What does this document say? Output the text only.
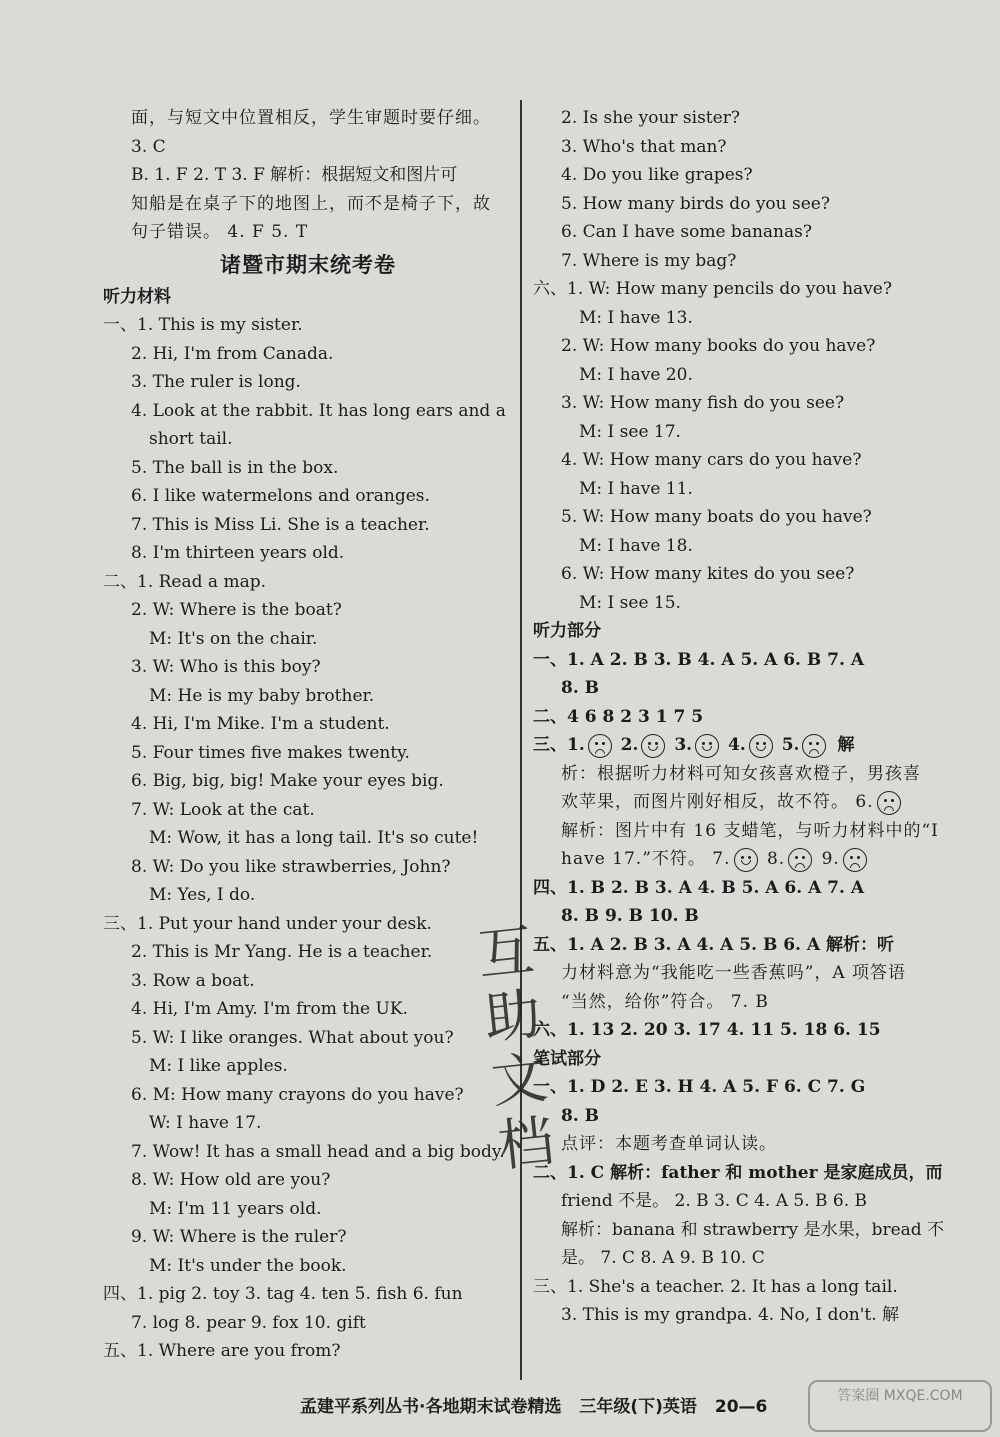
面，与短文中位置相反，学生审题时要仔细。
3. C
B. 1. F 2. T 3. F 解析：根据短文和图片可
知船是在桌子下的地图上，而不是椅子下，故
句子错误。 4. F 5. T
诸暨市期末统考卷
听力材料
一、1. This is my sister.
2. Hi, I'm from Canada.
3. The ruler is long.
4. Look at the rabbit. It has long ears and a
short tail.
5. The ball is in the box.
6. I like watermelons and oranges.
7. This is Miss Li. She is a teacher.
8. I'm thirteen years old.
二、1. Read a map.
2. W: Where is the boat?
M: It's on the chair.
3. W: Who is this boy?
M: He is my baby brother.
4. Hi, I'm Mike. I'm a student.
5. Four times five makes twenty.
6. Big, big, big! Make your eyes big.
7. W: Look at the cat.
M: Wow, it has a long tail. It's so cute!
8. W: Do you like strawberries, John?
M: Yes, I do.
三、1. Put your hand under your desk.
2. This is Mr Yang. He is a teacher.
3. Row a boat.
4. Hi, I'm Amy. I'm from the UK.
5. W: I like oranges. What about you?
M: I like apples.
6. M: How many crayons do you have?
W: I have 17.
7. Wow! It has a small head and a big body.
8. W: How old are you?
M: I'm 11 years old.
9. W: Where is the ruler?
M: It's under the book.
四、1. pig 2. toy 3. tag 4. ten 5. fish 6. fun
7. log 8. pear 9. fox 10. gift
五、1. Where are you from?
2. Is she your sister?
3. Who's that man?
4. Do you like grapes?
5. How many birds do you see?
6. Can I have some bananas?
7. Where is my bag?
六、1. W: How many pencils do you have?
M: I have 13.
2. W: How many books do you have?
M: I have 20.
3. W: How many fish do you see?
M: I see 17.
4. W: How many cars do you have?
M: I have 11.
5. W: How many boats do you have?
M: I have 18.
6. W: How many kites do you see?
M: I see 15.
听力部分
一、1. A 2. B 3. B 4. A 5. A 6. B 7. A
8. B
二、4 6 8 2 3 1 7 5
三、1. 2. 3. 4. 5. 解
析：根据听力材料可知女孩喜欢橙子，男孩喜
欢苹果，而图片刚好相反，故不符。 6.
解析：图片中有 16 支蜡笔，与听力材料中的“I
have 17.”不符。 7. 8. 9.
四、1. B 2. B 3. A 4. B 5. A 6. A 7. A
8. B 9. B 10. B
五、1. A 2. B 3. A 4. A 5. B 6. A 解析：听
力材料意为“我能吃一些香蕉吗”，A 项答语
“当然，给你”符合。 7. B
六、1. 13 2. 20 3. 17 4. 11 5. 18 6. 15
笔试部分
一、1. D 2. E 3. H 4. A 5. F 6. C 7. G
8. B
点评：本题考查单词认读。
二、1. C 解析：father 和 mother 是家庭成员，而
friend 不是。 2. B 3. C 4. A 5. B 6. B
解析：banana 和 strawberry 是水果，bread 不
是。 7. C 8. A 9. B 10. C
三、1. She's a teacher. 2. It has a long tail.
3. This is my grandpa. 4. No, I don't. 解
互助文档
答案圈 MXQE.COM
孟建平系列丛书·各地期末试卷精选 三年级(下)英语 20—6
